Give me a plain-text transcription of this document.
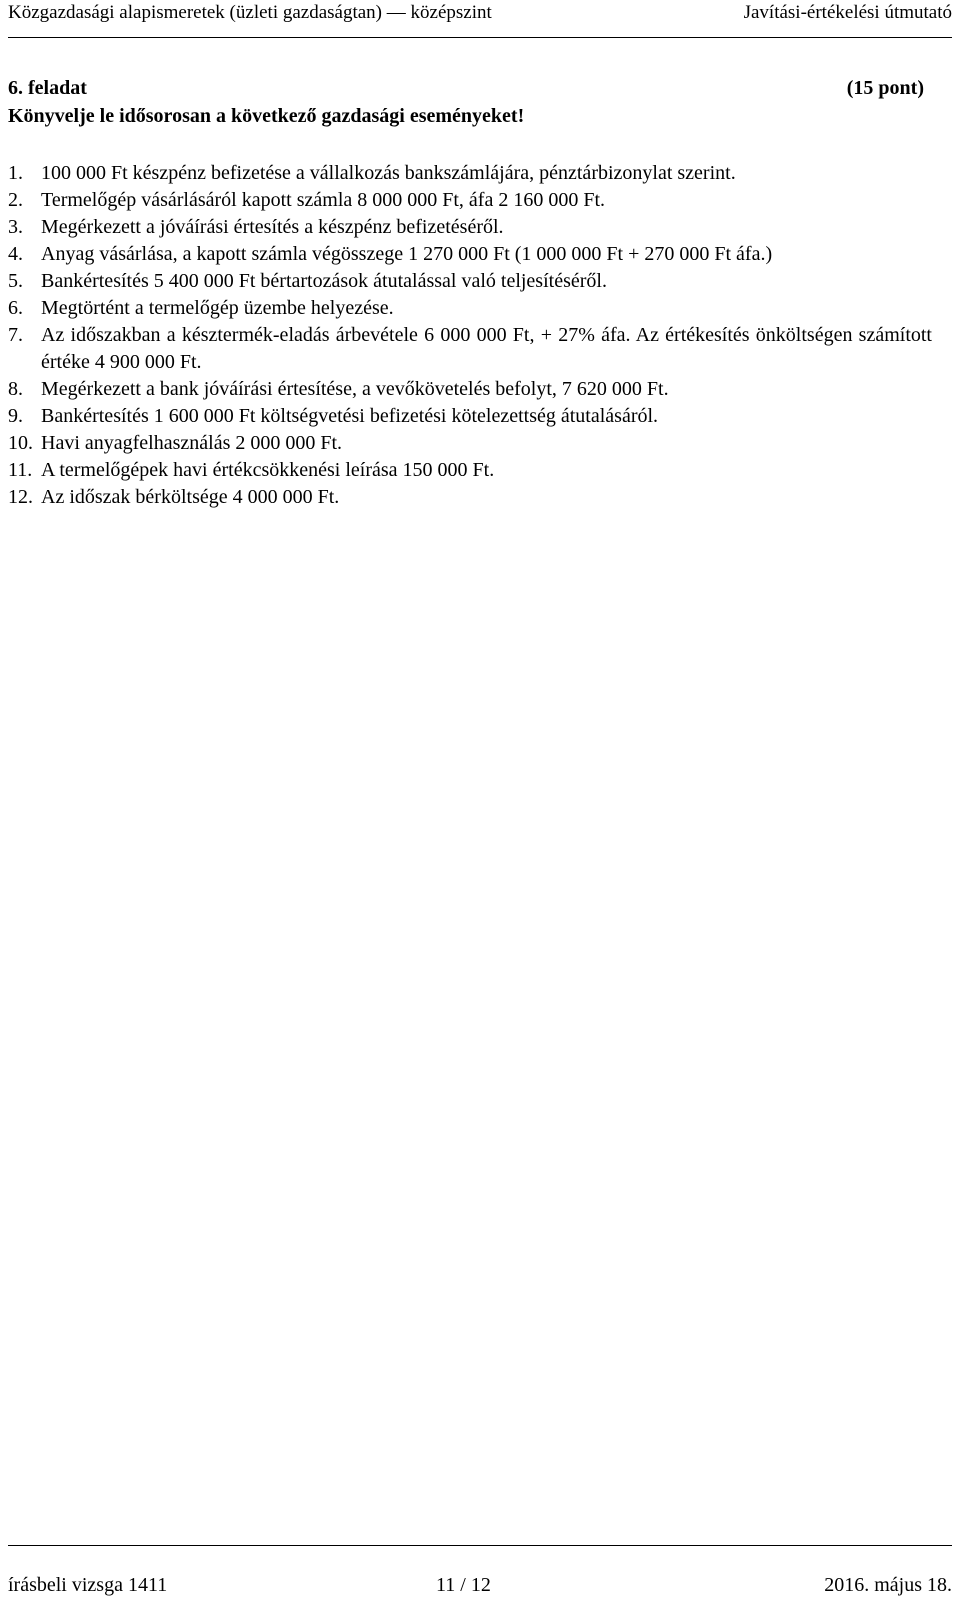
Közgazdasági alapismeretek (üzleti gazdaságtan) — középszint	Javítási-értékelési útmutató
6. feladat	(15 pont)
Könyvelje le idősorosan a következő gazdasági eseményeket!
1. 100 000 Ft készpénz befizetése a vállalkozás bankszámlájára, pénztárbizonylat szerint.
2. Termelőgép vásárlásáról kapott számla 8 000 000 Ft, áfa 2 160 000 Ft.
3. Megérkezett a jóváírási értesítés a készpénz befizetéséről.
4. Anyag vásárlása, a kapott számla végösszege 1 270 000 Ft (1 000 000 Ft + 270 000 Ft áfa.)
5. Bankértesítés 5 400 000 Ft bértartozások átutalással való teljesítéséről.
6. Megtörtént a termelőgép üzembe helyezése.
7. Az időszakban a késztermék-eladás árbevétele 6 000 000 Ft, + 27% áfa. Az értékesítés önköltségen számított értéke 4 900 000 Ft.
8. Megérkezett a bank jóváírási értesítése, a vevőkövetelés befolyt, 7 620 000 Ft.
9. Bankértesítés 1 600 000 Ft költségvetési befizetési kötelezettség átutalásáról.
10. Havi anyagfelhasználás 2 000 000 Ft.
11. A termelőgépek havi értékcsökkenési leírása 150 000 Ft.
12. Az időszak bérköltsége 4 000 000 Ft.
írásbeli vizsga 1411	11 / 12	2016. május 18.
